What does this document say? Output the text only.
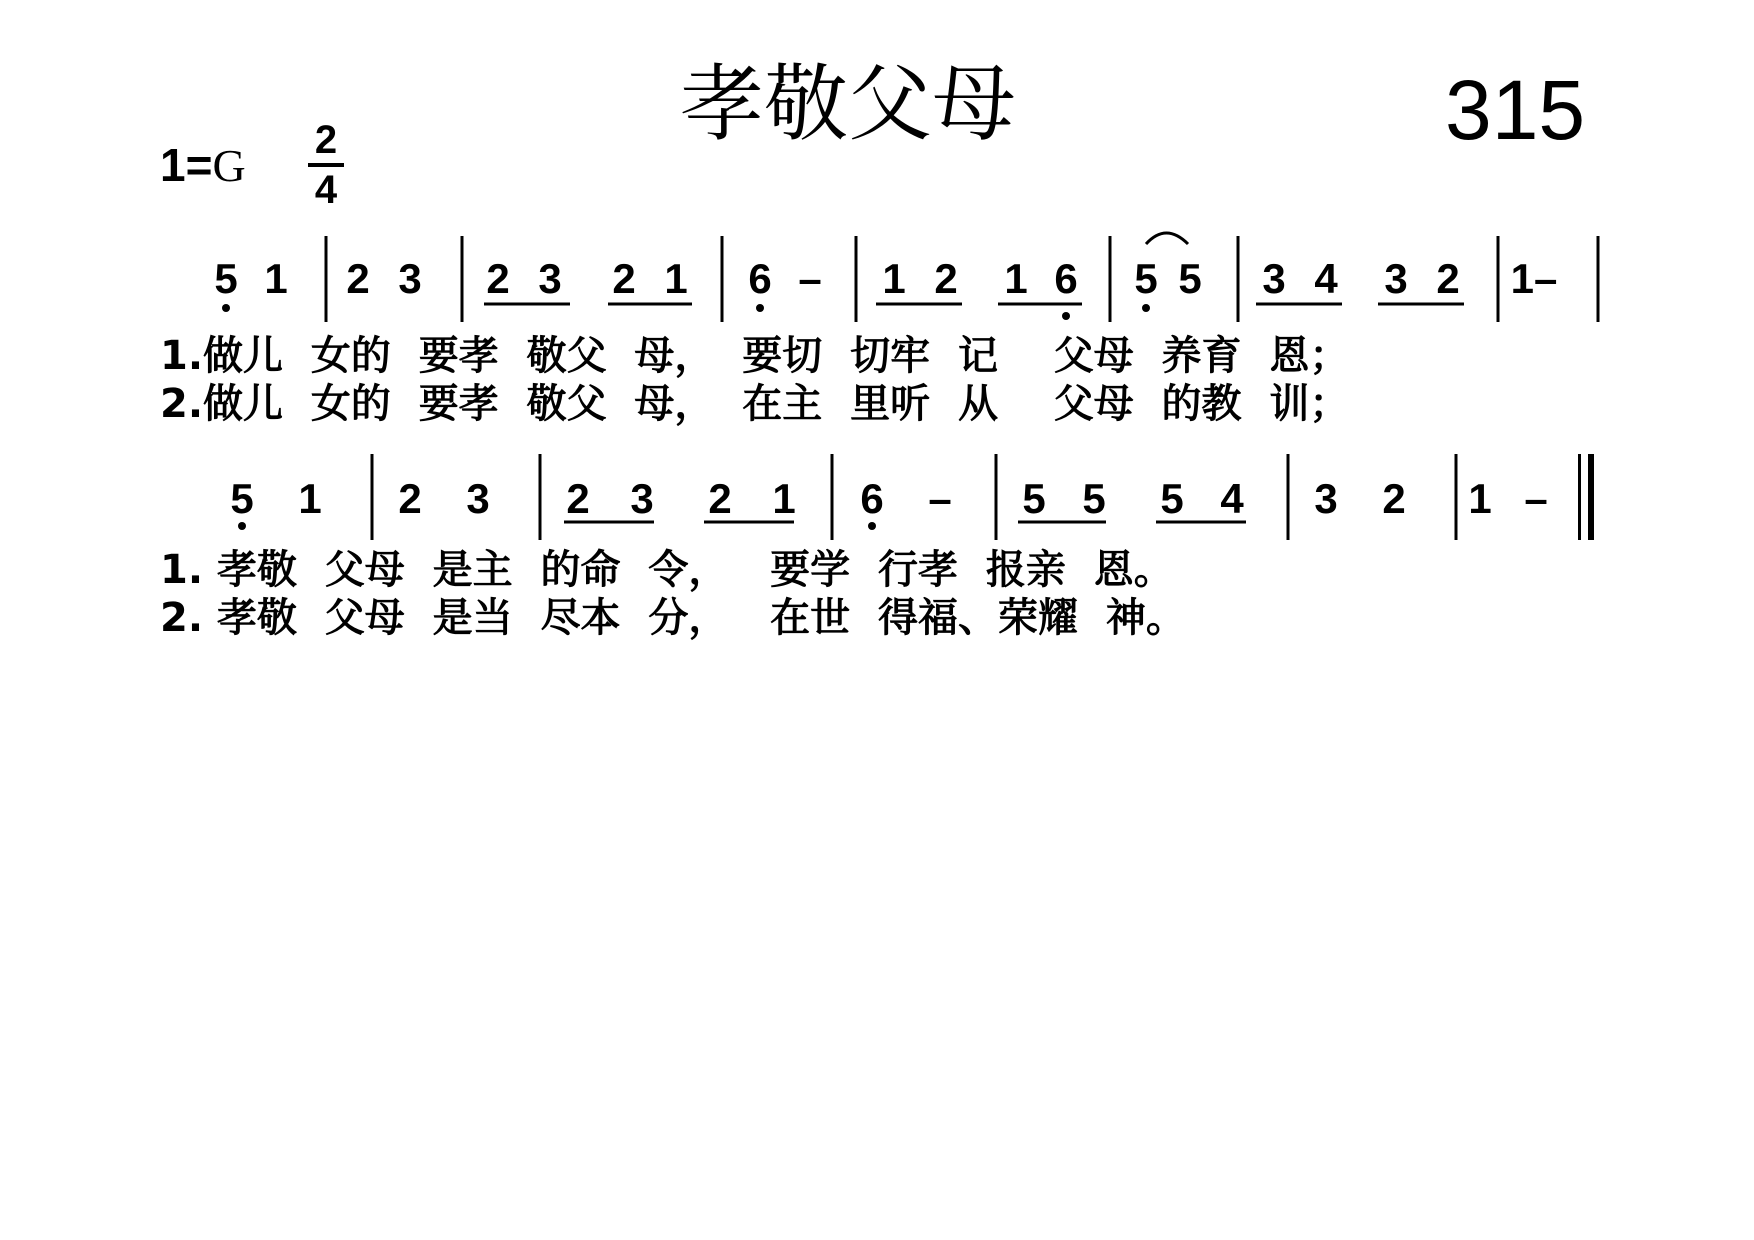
孝敬父母	315
1=G 2
4
5 1 2 3 2 3 2 1 6 – 1 2 1 6 5 5 3 4 3 2 1–
1.做儿  女的  要孝  敬父  母，  要切  切牢  记    父母  养育  恩；
2.做儿  女的  要孝  敬父  母，  在主  里听  从    父母  的教  训；
5 1 2 3 2 3 2 1 6 – 5 5 5 4 3 2 1 –
1. 孝敬  父母  是主  的命  令，   要学  行孝  报亲  恩。
2. 孝敬  父母  是当  尽本  分，   在世  得福、荣耀  神。
